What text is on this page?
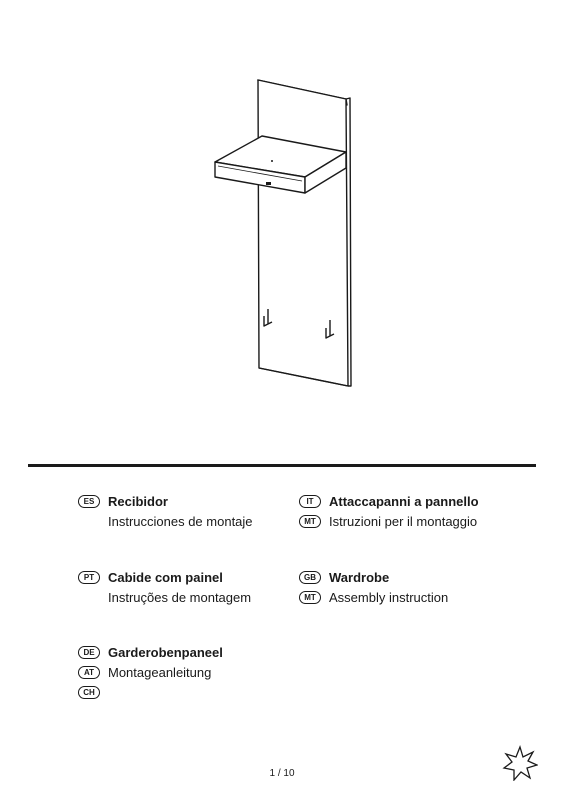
ES	Recibidor
Instrucciones de montaje
IT	Attaccapanni a pannello
MT	Istruzioni per il montaggio
PT	Cabide com painel
Instruções de montagem
GB	Wardrobe
MT	Assembly instruction
DE	Garderobenpaneel
AT	Montageanleitung
CH
1 / 10
